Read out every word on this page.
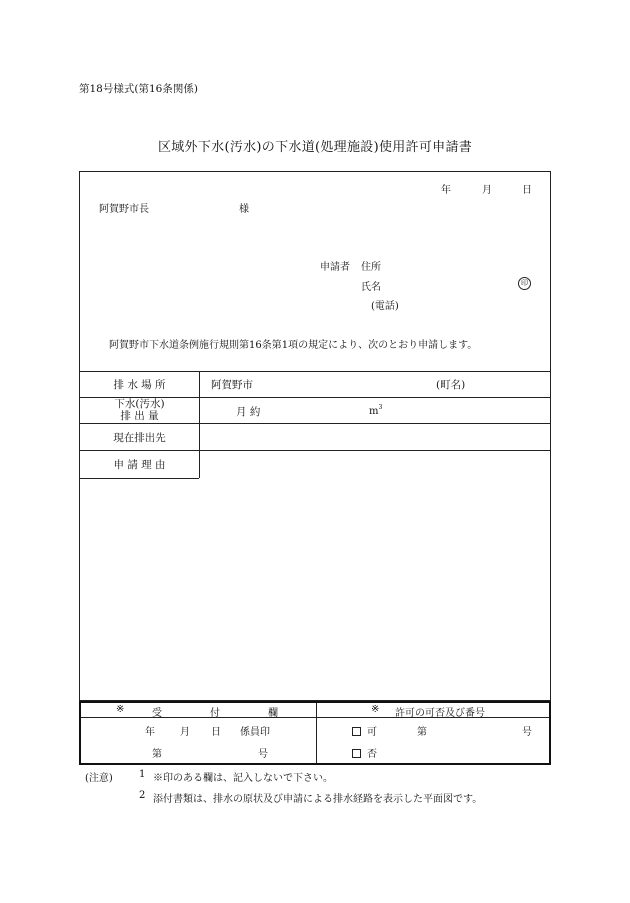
第18号様式(第16条関係)
区域外下水(汚水)の下水道(処理施設)使用許可申請書
年	月	日
阿賀野市長	様
申請者 住所
氏名
(電話)
阿賀野市下水道条例施行規則第16条第1項の規定により、次のとおり申請します。
排 水 場 所	阿賀野市	(町名)
下水(汚水)
排 出 量	月 約	$m^3$
現在排出先
申 請 理 由
印
※	受	付	欄
年	月 日 係員印
第	号
※ 許可の可否及び番号
可	第	号
否
(注意)	1 ※印のある欄は、記入しないで下さい。
2 添付書類は、排水の原状及び申請による排水経路を表示した平面図です。
